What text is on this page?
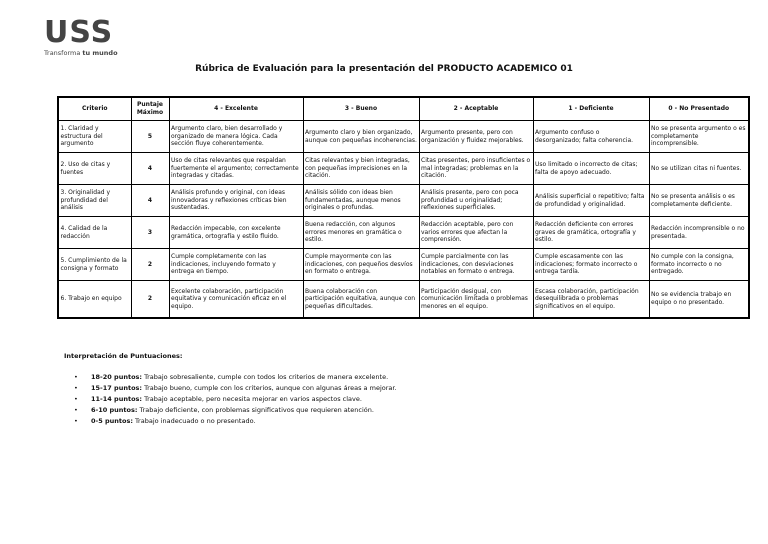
USS
Transforma tu mundo
Rúbrica de Evaluación para la presentación del PRODUCTO ACADEMICO 01
Criterio	Puntaje Máximo	4 - Excelente	3 - Bueno	2 - Aceptable	1 - Deficiente	0 - No Presentado
1. Claridad y estructura del argumento	5	Argumento claro, bien desarrollado y organizado de manera lógica. Cada sección fluye coherentemente.	Argumento claro y bien organizado, aunque con pequeñas incoherencias.	Argumento presente, pero con organización y fluidez mejorables.	Argumento confuso o desorganizado; falta coherencia.	No se presenta argumento o es completamente incomprensible.
2. Uso de citas y fuentes	4	Uso de citas relevantes que respaldan fuertemente el argumento; correctamente integradas y citadas.	Citas relevantes y bien integradas, con pequeñas imprecisiones en la citación.	Citas presentes, pero insuficientes o mal integradas; problemas en la citación.	Uso limitado o incorrecto de citas; falta de apoyo adecuado.	No se utilizan citas ni fuentes.
3. Originalidad y profundidad del análisis	4	Análisis profundo y original, con ideas innovadoras y reflexiones críticas bien sustentadas.	Análisis sólido con ideas bien fundamentadas, aunque menos originales o profundas.	Análisis presente, pero con poca profundidad u originalidad; reflexiones superficiales.	Análisis superficial o repetitivo; falta de profundidad y originalidad.	No se presenta análisis o es completamente deficiente.
4. Calidad de la redacción	3	Redacción impecable, con excelente gramática, ortografía y estilo fluido.	Buena redacción, con algunos errores menores en gramática o estilo.	Redacción aceptable, pero con varios errores que afectan la comprensión.	Redacción deficiente con errores graves de gramática, ortografía y estilo.	Redacción incomprensible o no presentada.
5. Cumplimiento de la consigna y formato	2	Cumple completamente con las indicaciones, incluyendo formato y entrega en tiempo.	Cumple mayormente con las indicaciones, con pequeños desvíos en formato o entrega.	Cumple parcialmente con las indicaciones, con desviaciones notables en formato o entrega.	Cumple escasamente con las indicaciones; formato incorrecto o entrega tardía.	No cumple con la consigna, formato incorrecto o no entregado.
6. Trabajo en equipo	2	Excelente colaboración, participación equitativa y comunicación eficaz en el equipo.	Buena colaboración con participación equitativa, aunque con pequeñas dificultades.	Participación desigual, con comunicación limitada o problemas menores en el equipo.	Escasa colaboración, participación desequilibrada o problemas significativos en el equipo.	No se evidencia trabajo en equipo o no presentado.
Interpretación de Puntuaciones:
• 18-20 puntos: Trabajo sobresaliente, cumple con todos los criterios de manera excelente.
• 15-17 puntos: Trabajo bueno, cumple con los criterios, aunque con algunas áreas a mejorar.
• 11-14 puntos: Trabajo aceptable, pero necesita mejorar en varios aspectos clave.
• 6-10 puntos: Trabajo deficiente, con problemas significativos que requieren atención.
• 0-5 puntos: Trabajo inadecuado o no presentado.
